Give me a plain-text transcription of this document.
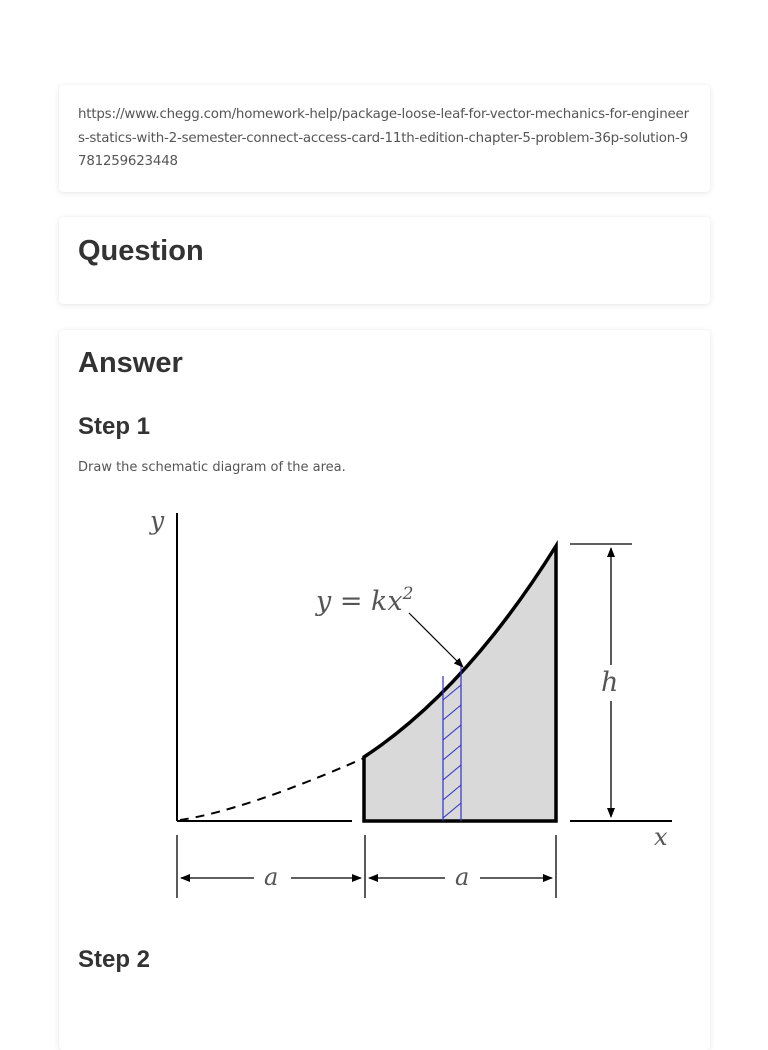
https://www.chegg.com/homework-help/package-loose-leaf-for-vector-mechanics-for-engineers-statics-with-2-semester-connect-access-card-11th-edition-chapter-5-problem-36p-solution-9781259623448

Question
Answer
Step 1

Draw the schematic diagram of the area.

$y = kx^2$
y
x
h
a	a
Step 2
